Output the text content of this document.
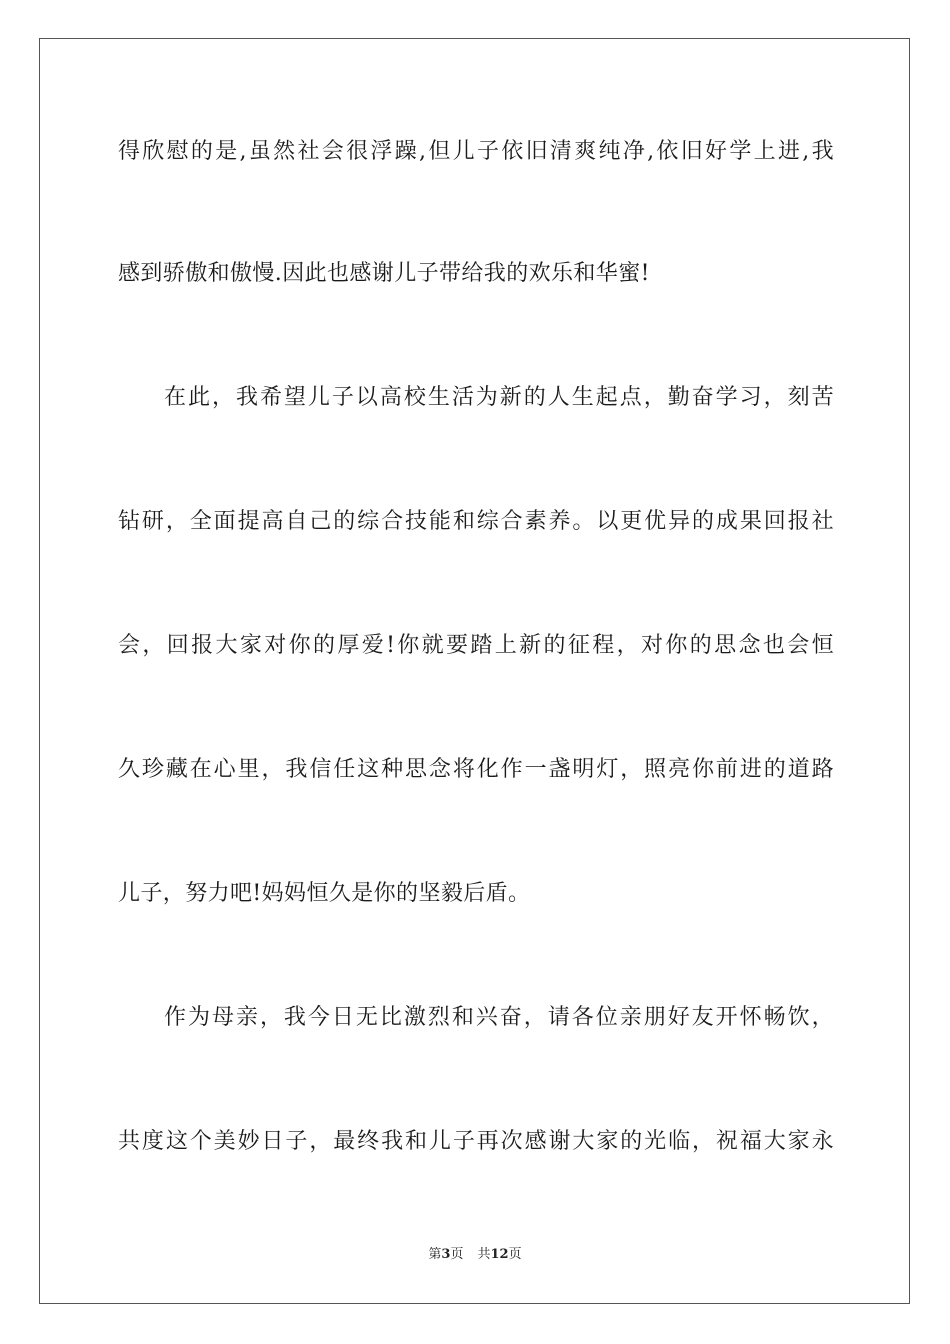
得欣慰的是,虽然社会很浮躁,但儿子依旧清爽纯净,依旧好学上进,我
感到骄傲和傲慢.因此也感谢儿子带给我的欢乐和华蜜!
在此，我希望儿子以高校生活为新的人生起点，勤奋学习，刻苦
钻研，全面提高自己的综合技能和综合素养。以更优异的成果回报社
会，回报大家对你的厚爱!你就要踏上新的征程，对你的思念也会恒
久珍藏在心里，我信任这种思念将化作一盏明灯，照亮你前进的道路
儿子，努力吧!妈妈恒久是你的坚毅后盾。
作为母亲，我今日无比激烈和兴奋，请各位亲朋好友开怀畅饮，
共度这个美妙日子，最终我和儿子再次感谢大家的光临，祝福大家永
第3页 共12页
